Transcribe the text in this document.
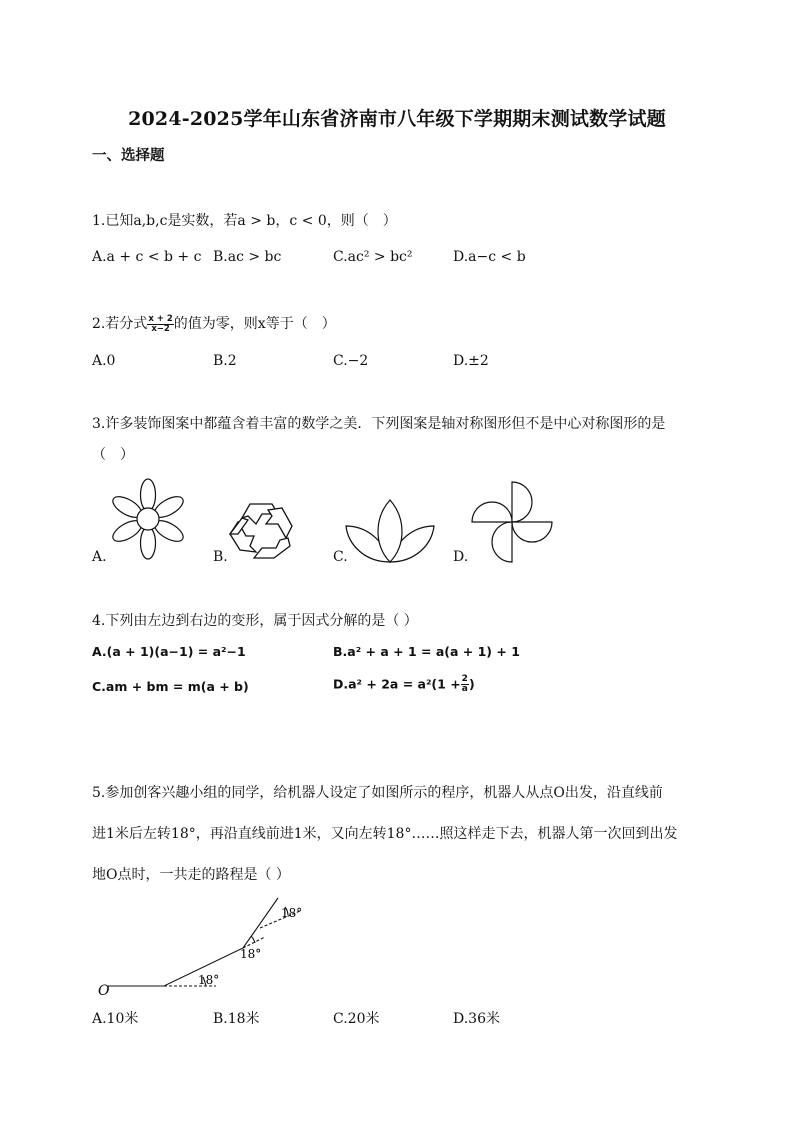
2024-2025学年山东省济南市八年级下学期期末测试数学试题
一、选择题
1.已知a,b,c是实数，若a > b，c < 0，则（　）
A.a + c < b + c B.ac > bc	C.ac² > bc²	D.a−c < b
2.若分式 $\frac{x + 2}{x-2}$ 的值为零，则x等于（　）
A.0	B.2	C.−2	D.±2
3.许多装饰图案中都蕴含着丰富的数学之美．下列图案是轴对称图形但不是中心对称图形的是
（　）
A.	B.	C.	D.
4.下列由左边到右边的变形，属于因式分解的是（ ）
A.(a + 1)(a−1) = a²−1	B.a² + a + 1 = a(a + 1) + 1
C.am + bm = m(a + b)	$D.a^2 + 2a = a^2(1 + \frac{2}{a}$ )
5.参加创客兴趣小组的同学，给机器人设定了如图所示的程序，机器人从点O出发，沿直线前
进1米后左转18°，再沿直线前进1米，又向左转18°……照这样走下去，机器人第一次回到出发
地O点时，一共走的路程是（ ）
O
18°
18°
18°
A.10米	B.18米	C.20米	D.36米
